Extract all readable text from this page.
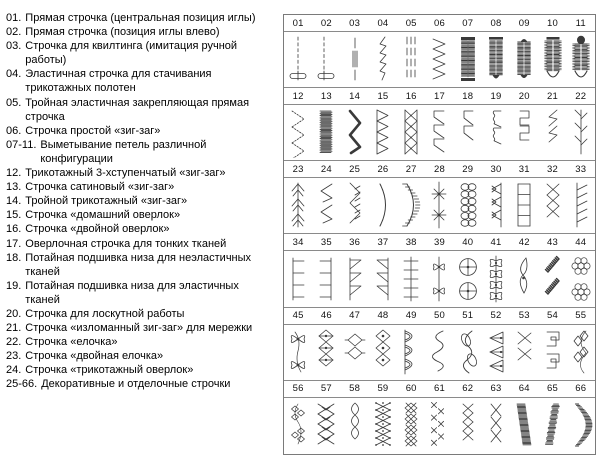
01. Прямая строчка (центральная позиция иглы)
02. Прямая строчка (позиция иглы влево)
03. Строчка для квилтинга (имитация ручной работы)
04. Эластичная строчка для стачивания трикотажных полотен
05. Тройная эластичная закрепляющая прямая строчка
06. Строчка простой «зиг-заг»
07-11. Выметывание петель различной конфигурации
12. Трикотажный 3-хступенчатый «зиг-заг»
13. Строчка сатиновый «зиг-заг»
14. Тройной трикотажный «зиг-заг»
15. Строчка «домашний оверлок»
16. Строчка «двойной оверлок»
17. Оверлочная строчка для тонких тканей
18. Потайная подшивка низа для неэластичных тканей
19. Потайная подшивка низа для эластичных тканей
20. Строчка для лоскутной работы
21. Строчка «изломанный зиг-заг» для мережки
22. Строчка «елочка»
23. Строчка «двойная елочка»
24. Строчка «трикотажный оверлок»
25-66. Декоративные и отделочные строчки
01	02	03	04	05	06	07	08	09	10	11
12	13	14	15	16	17	18	19	20	21	22
23	24	25	26	27	28	29	30	31	32	33
34	35	36	37	38	39	40	41	42	43	44
45	46	47	48	49	50	51	52	53	54	55
56	57	58	59	60	61	62	63	64	65	66
